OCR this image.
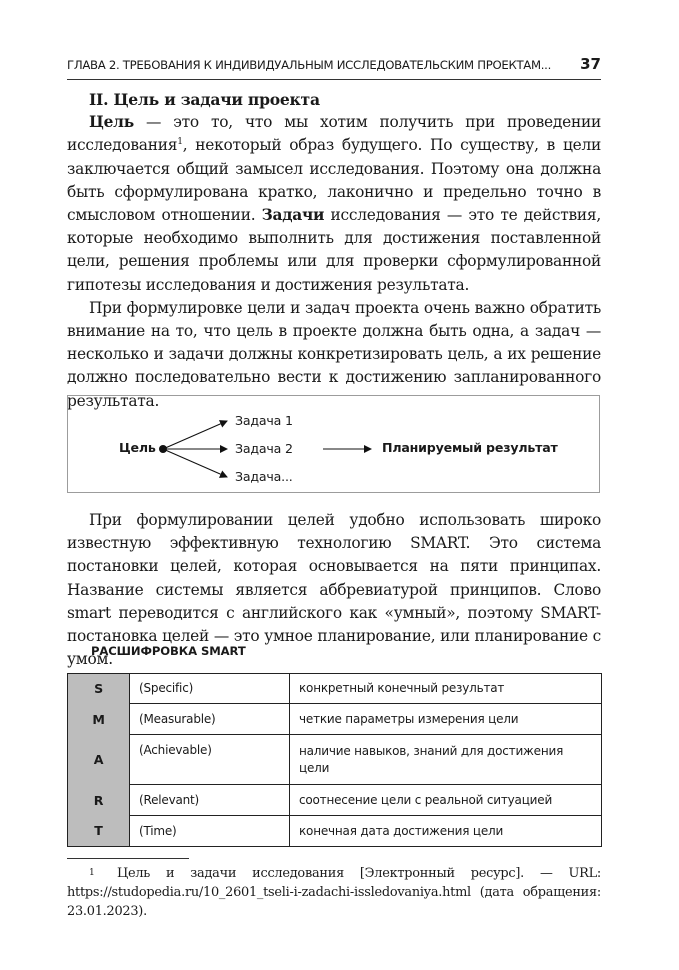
ГЛАВА 2. ТРЕБОВАНИЯ К ИНДИВИДУАЛЬНЫМ ИССЛЕДОВАТЕЛЬСКИМ ПРОЕКТАМ...	37
II. Цель и задачи проекта

Цель — это то, что мы хотим получить при проведении исследования$^1$, некоторый образ будущего. По существу, в цели заключается общий замысел исследования. Поэтому она должна быть сформулирована кратко, лаконично и предельно точно в смысловом отношении. Задачи исследования — это те действия, которые необходимо выполнить для достижения поставленной цели, решения проблемы или для проверки сформулированной гипотезы исследования и достижения результата.

При формулировке цели и задач проекта очень важно обратить внимание на то, что цель в проекте должна быть одна, а задач — несколько и задачи должны конкретизировать цель, а их решение должно последовательно вести к достижению запланированного результата.

Цель
Задача 1
Задача 2
Задача...
Планируемый результат

При формулировании целей удобно использовать широко известную эффективную технологию SMART. Это система постановки целей, которая основывается на пяти принципах. Название системы является аббревиатурой принципов. Слово smart переводится с английского как «умный», поэтому SMART-постановка целей — это умное планирование, или планирование с умом.

РАСШИФРОВКА SMART
S	(Specific)	конкретный конечный результат
M	(Measurable)	четкие параметры измерения цели
A	(Achievable)	наличие навыков, знаний для достижения цели
R	(Relevant)	соотнесение цели с реальной ситуацией
T	(Time)	конечная дата достижения цели
1 Цель и задачи исследования [Электронный ресурс]. — URL: https://studopedia.ru/10_2601_tseli-i-zadachi-issledovaniya.html (дата обращения: 23.01.2023).
